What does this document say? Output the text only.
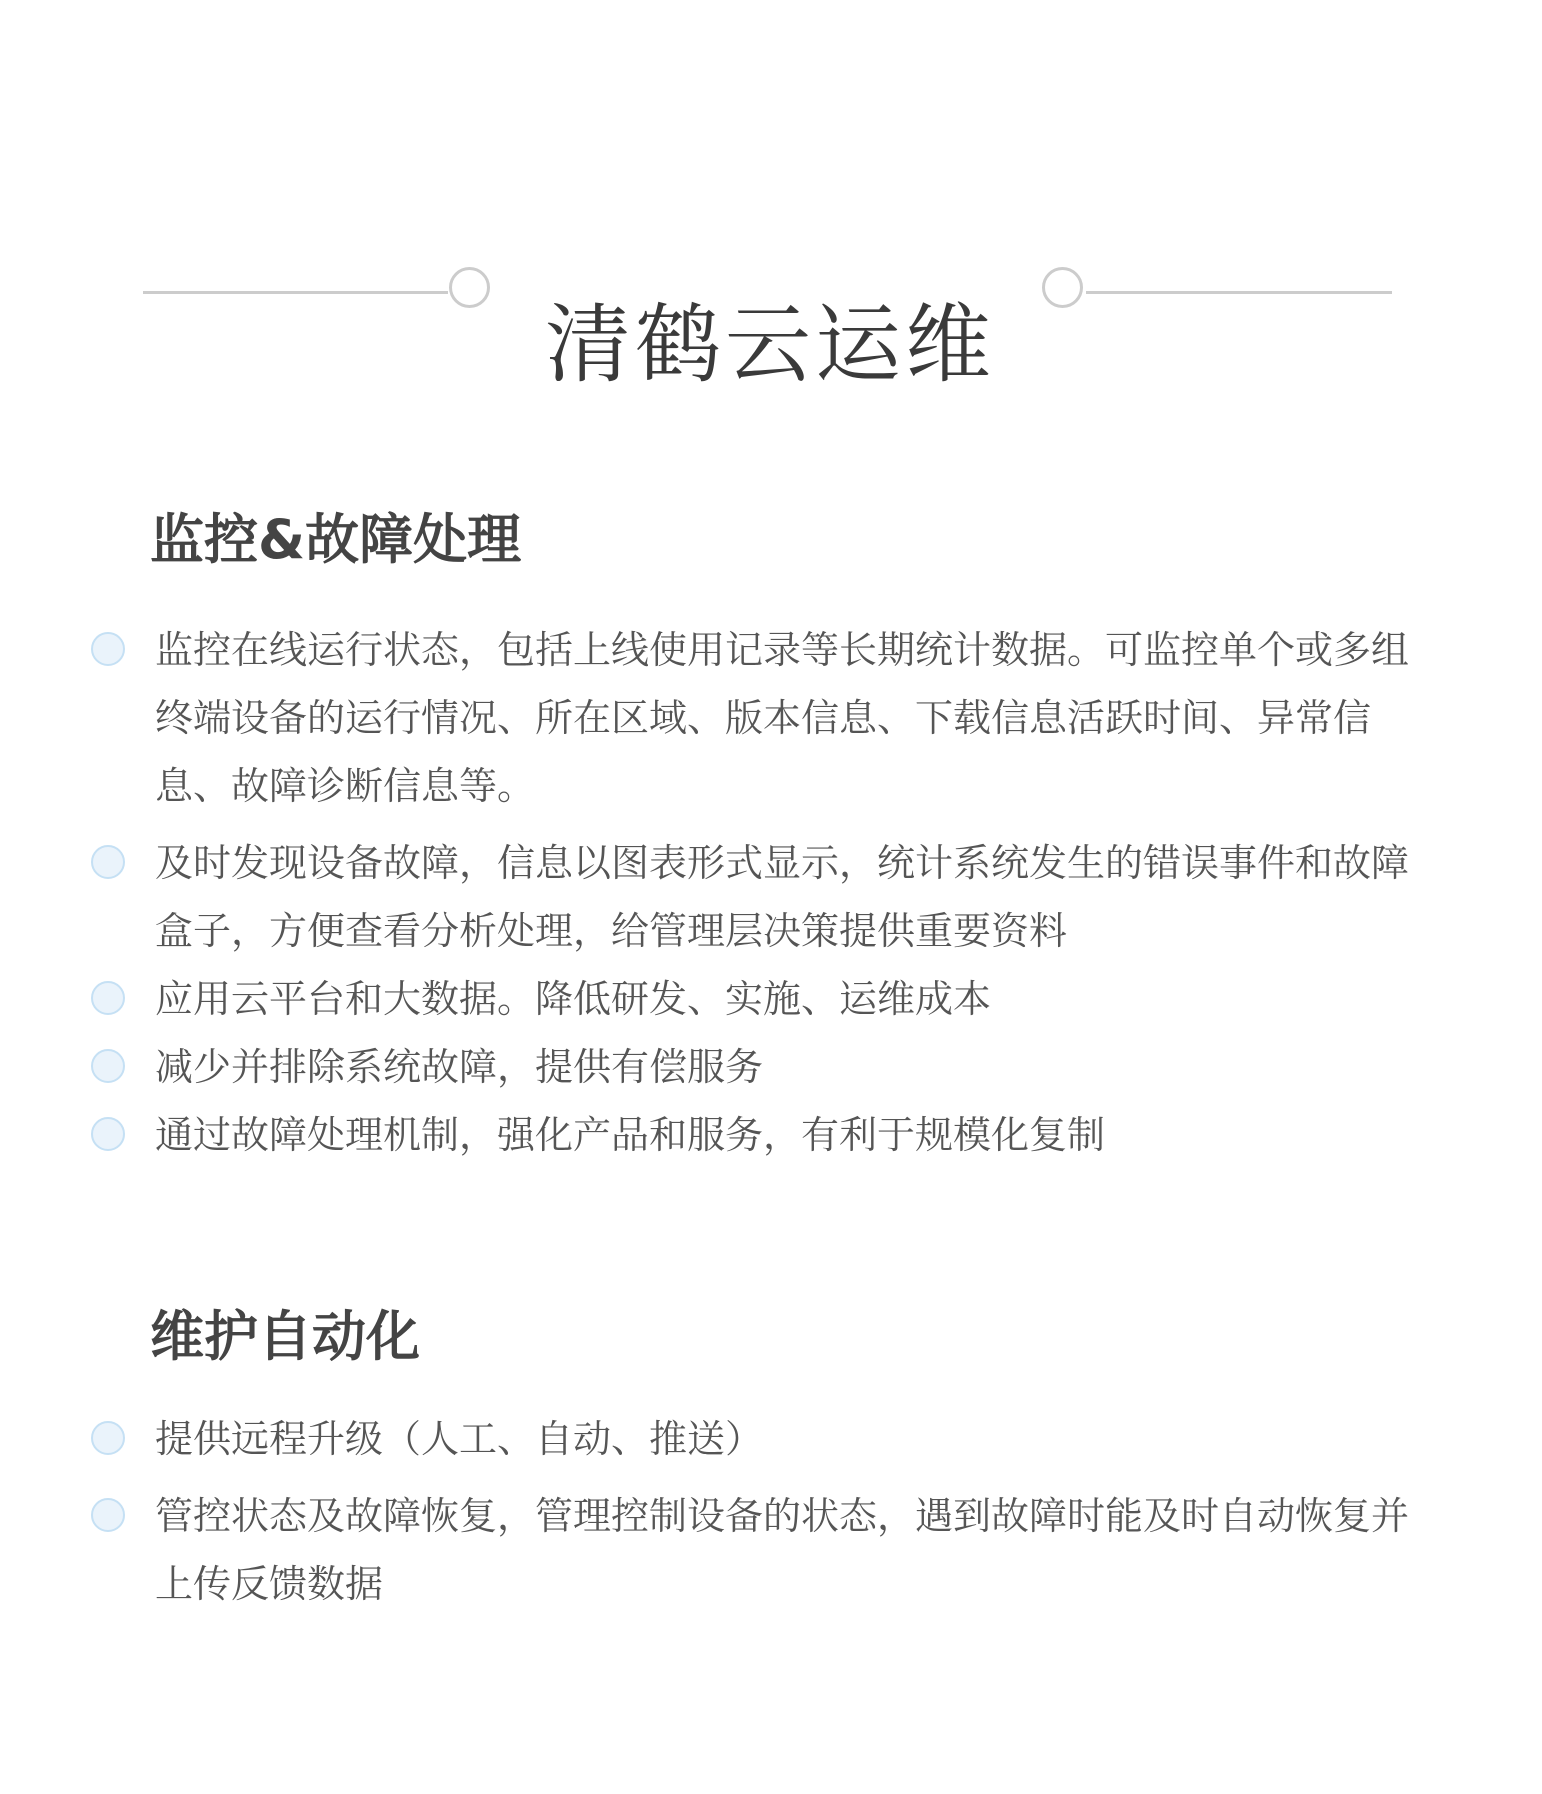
清鹤云运维
监控&故障处理
监控在线运行状态，包括上线使用记录等长期统计数据。可监控单个或多组终端设备的运行情况、所在区域、版本信息、下载信息活跃时间、异常信息、故障诊断信息等。
及时发现设备故障，信息以图表形式显示，统计系统发生的错误事件和故障盒子，方便查看分析处理，给管理层决策提供重要资料
应用云平台和大数据。降低研发、实施、运维成本
减少并排除系统故障，提供有偿服务
通过故障处理机制，强化产品和服务，有利于规模化复制
维护自动化
提供远程升级（人工、自动、推送）
管控状态及故障恢复，管理控制设备的状态，遇到故障时能及时自动恢复并上传反馈数据
